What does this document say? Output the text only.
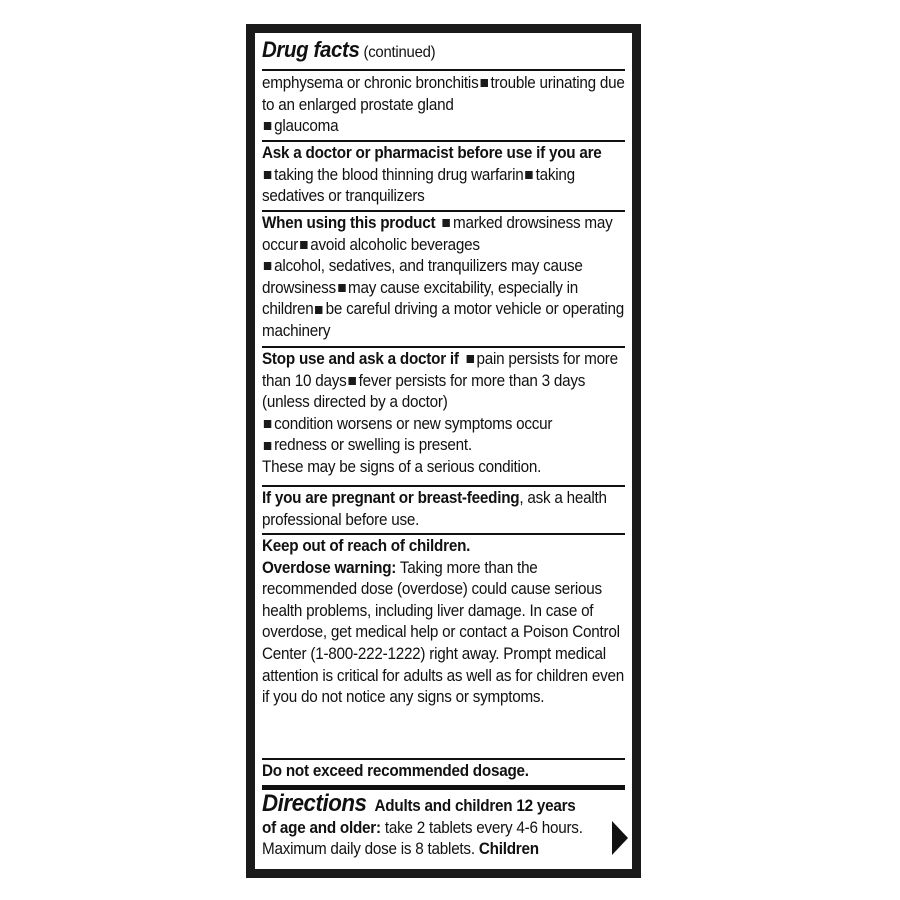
Drug facts (continued)
emphysema or chronic bronchitis trouble urinating due to an enlarged prostate gland
glaucoma
Ask a doctor or pharmacist before use if you are
taking the blood thinning drug warfarin taking sedatives or tranquilizers
When using this product marked drowsiness may occur avoid alcoholic beverages
alcohol, sedatives, and tranquilizers may cause drowsiness may cause excitability, especially in children be careful driving a motor vehicle or operating machinery
Stop use and ask a doctor if pain persists for more than 10 days fever persists for more than 3 days (unless directed by a doctor)
condition worsens or new symptoms occur
redness or swelling is present.
These may be signs of a serious condition.
If you are pregnant or breast-feeding, ask a health professional before use.
Keep out of reach of children.
Overdose warning: Taking more than the recommended dose (overdose) could cause serious health problems, including liver damage. In case of overdose, get medical help or contact a Poison Control Center (1-800-222-1222) right away. Prompt medical attention is critical for adults as well as for children even if you do not notice any signs or symptoms.
Do not exceed recommended dosage.
Directions Adults and children 12 years of age and older: take 2 tablets every 4-6 hours. Maximum daily dose is 8 tablets. Children
